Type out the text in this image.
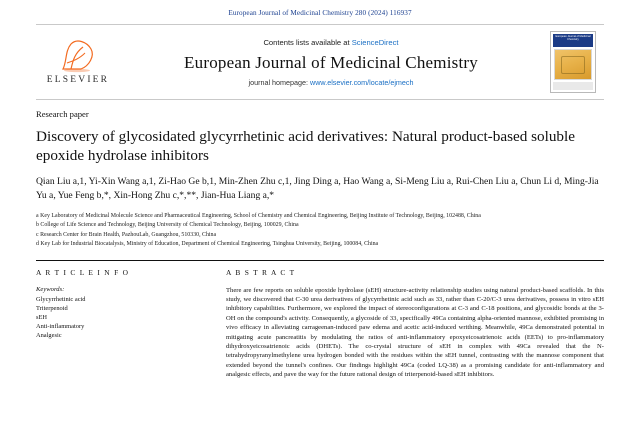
European Journal of Medicinal Chemistry 280 (2024) 116937
ELSEVIER
Contents lists available at ScienceDirect
European Journal of Medicinal Chemistry
journal homepage: www.elsevier.com/locate/ejmech
European Journal of Medicinal Chemistry
Research paper
Discovery of glycosidated glycyrrhetinic acid derivatives: Natural product-based soluble epoxide hydrolase inhibitors
Qian Liu a,1, Yi-Xin Wang a,1, Zi-Hao Ge b,1, Min-Zhen Zhu c,1, Jing Ding a, Hao Wang a, Si-Meng Liu a, Rui-Chen Liu a, Chun Li d, Ming-Jia Yu a, Yue Feng b,*, Xin-Hong Zhu c,*,**, Jian-Hua Liang a,*
a Key Laboratory of Medicinal Molecule Science and Pharmaceutical Engineering, School of Chemistry and Chemical Engineering, Beijing Institute of Technology, Beijing, 102488, China
b College of Life Science and Technology, Beijing University of Chemical Technology, Beijing, 100029, China
c Research Center for Brain Health, PazhouLab, Guangzhou, 510330, China
d Key Lab for Industrial Biocatalysis, Ministry of Education, Department of Chemical Engineering, Tsinghua University, Beijing, 100084, China
A R T I C L E I N F O
Keywords:
Glycyrrhetinic acid
Triterpenoid
sEH
Anti-inflammatory
Analgesic
A B S T R A C T
There are few reports on soluble epoxide hydrolase (sEH) structure-activity relationship studies using natural product-based scaffolds. In this study, we discovered that C-30 urea derivatives of glycyrrhetinic acid such as 33, rather than C-20/C-3 urea derivatives, possess in vitro sEH inhibitory capabilities. Furthermore, we explored the impact of stereoconfigurations at C-3 and C-18 positions, and glycosidic bonds at the 3-OH on the compound's activity. Consequently, a glycoside of 33, specifically 49Ca containing alpha-oriented mannose, exhibited promising in vivo efficacy in alleviating carrageenan-induced paw edema and acetic acid-induced writhing. Meanwhile, 49Ca demonstrated potential in mitigating acute pancreatitis by modulating the ratios of anti-inflammatory epoxyeicosatrienoic acids (EETs) to pro-inflammatory dihydroxyeicosatrienoic acids (DHETs). The co-crystal structure of sEH in complex with 49Ca revealed that the N-tetrahydropyranylmethylene urea hydrogen bonded with the residues within the sEH tunnel, contrasting with the mannose component that extended beyond the tunnel's confines. Our findings highlight 49Ca (coded LQ-38) as a promising candidate for anti-inflammatory and analgesic effects, and pave the way for the future rational design of triterpenoid-based sEH inhibitors.
